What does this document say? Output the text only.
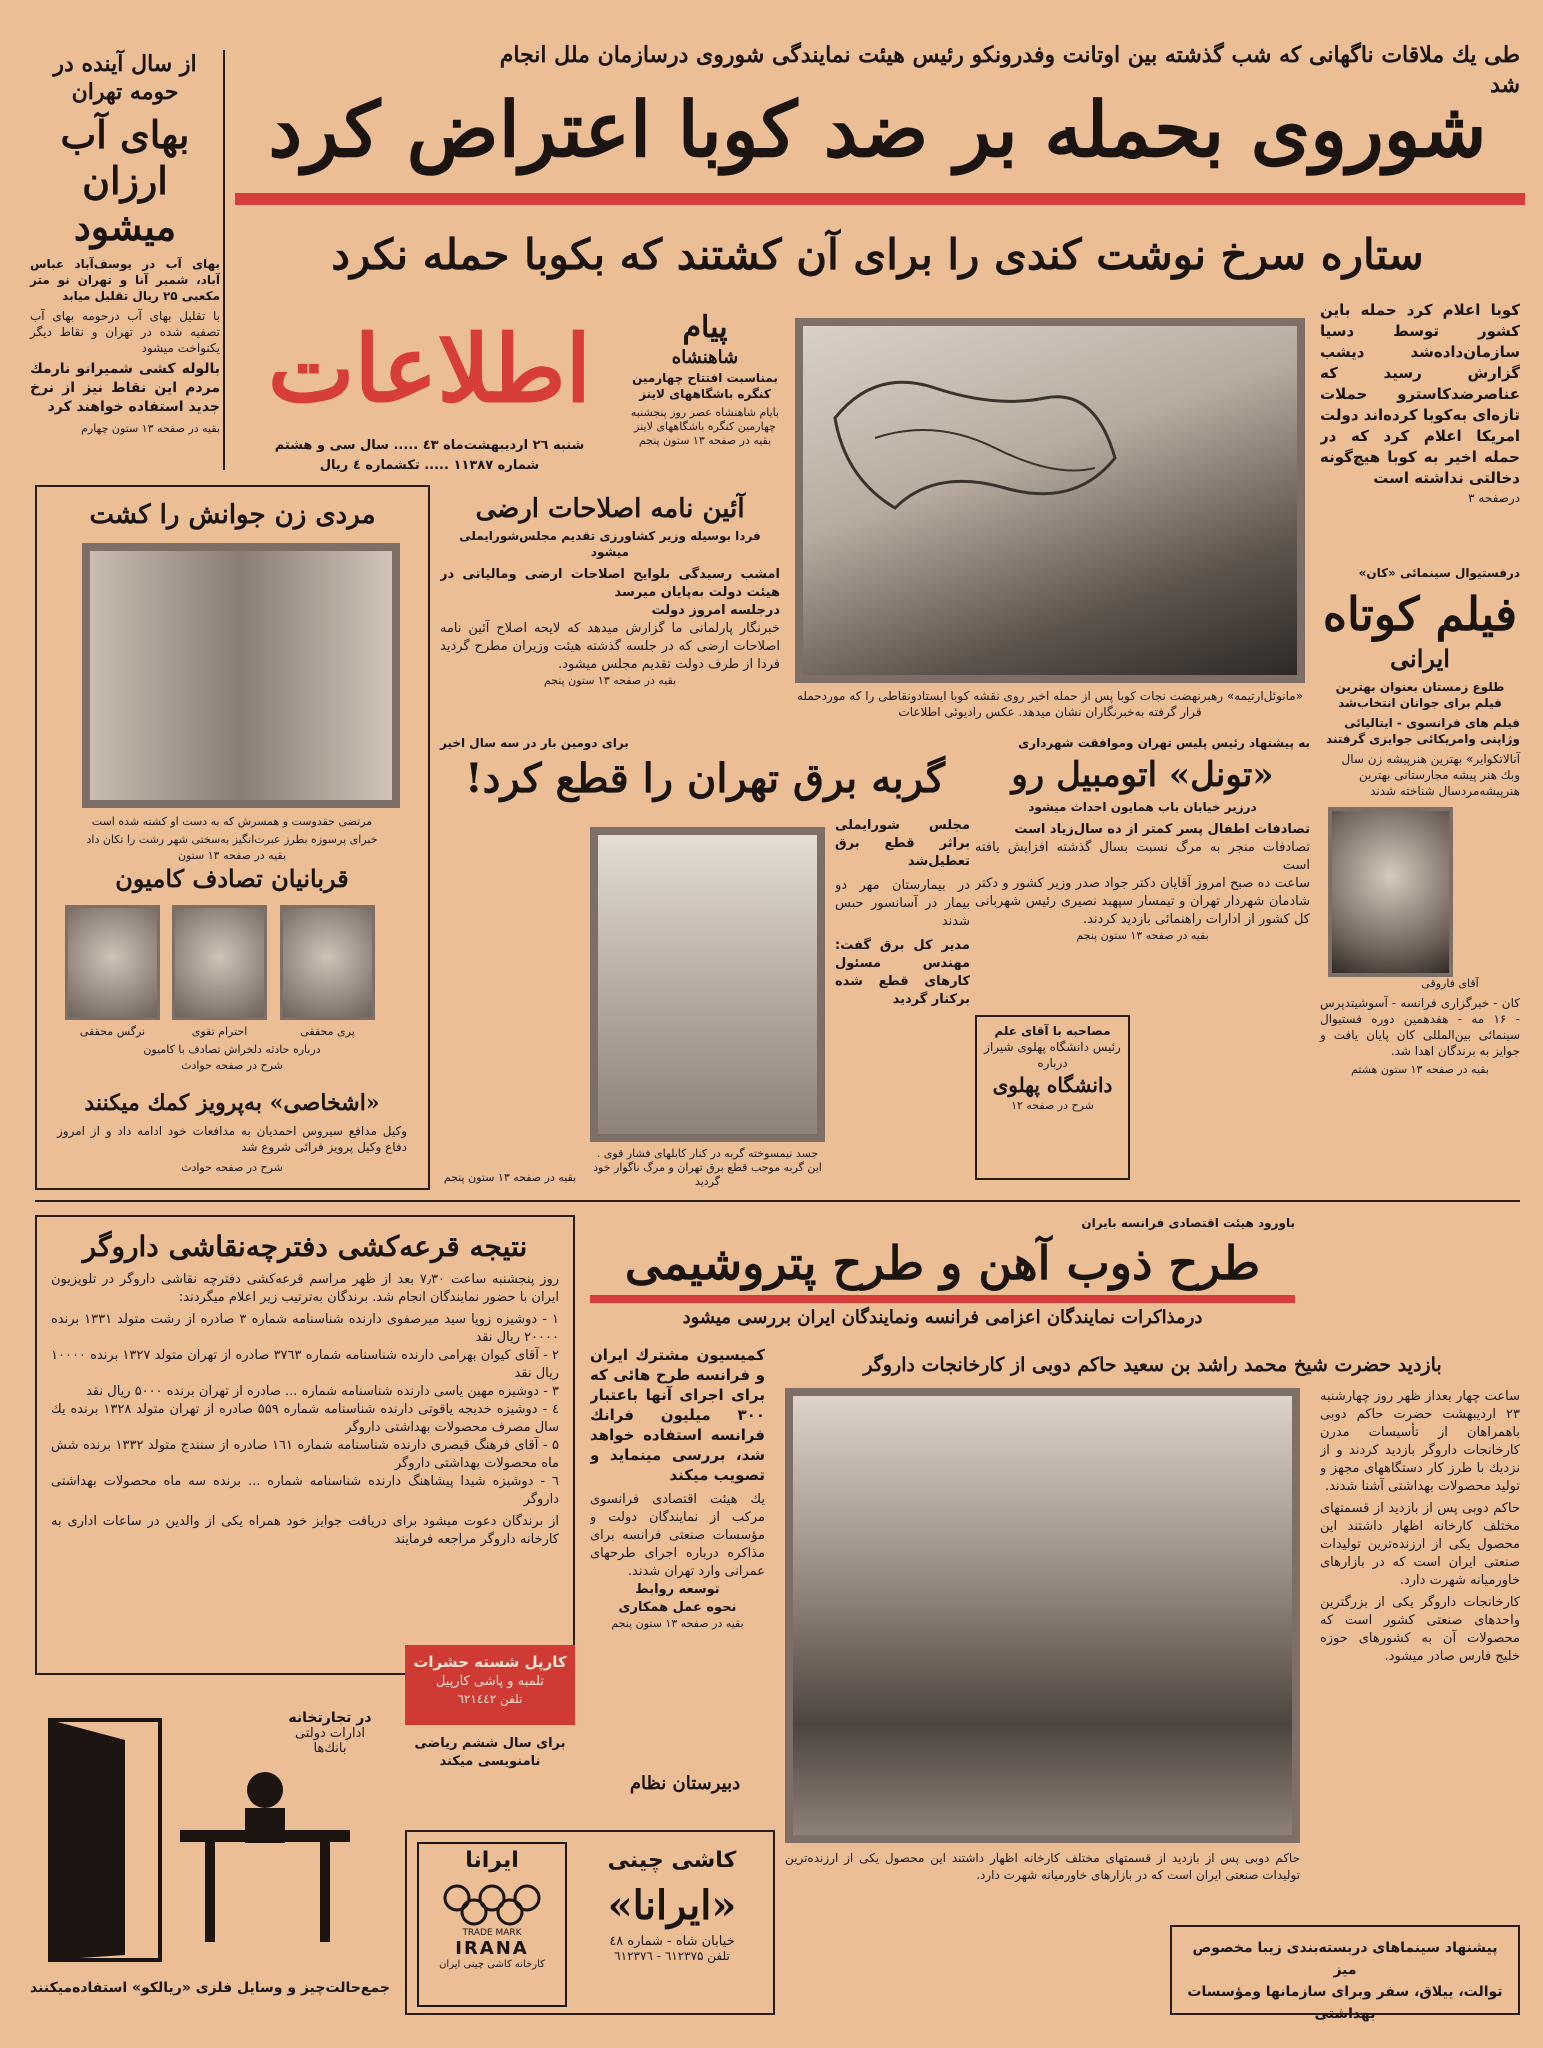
طی یك ملاقات ناگهانی كه شب گذشته بین اوتانت وفدرونكو رئیس هیئت نمایندگی شوروی درسازمان ملل انجام شد
شوروی بحمله بر ضد كوبا اعتراض كرد
ستاره سرخ نوشت كندی را برای آن كشتند كه بكوبا حمله نكرد
از سال آینده در حومه تهران
بهای آب ارزان میشود
بهای آب در یوسف‌آباد عباس آباد، شمیر آنا و تهران نو متر مكعبی ۲۵ ریال تقلیل میابد
با تقلیل بهای آب درحومه بهای آب تصفیه شده در تهران و نقاط دیگر یكنواخت میشود
بالوله كشی شمیرانو نارمك مردم این نقاط نیز از نرخ جدید استفاده خواهند كرد
بقیه در صفحه ۱۳ ستون چهارم
اطلاعات
شنبه ۲٦ اردیبهشت‌ماه ٤۳ ..... سال سی و هشتم
شماره ١١۳٨۷ ..... تكشماره ٤ ریال
پیام
شاهنشاه
بمناسبت افتتاح چهارمین كنگره باشگاههای لاینز
بایام شاهنشاه عصر روز پنجشنبه چهارمین كنگره باشگاههای لاینز
بقیه در صفحه ۱۳ ستون پنجم
«مانوئل‌ارتیمه» رهبرنهضت نجات كوبا پس از حمله اخیر روی نقشه كوبا ایستادونقاطی را كه موردحمله قرار گرفته به‌خبرنگاران نشان میدهد. عكس رادیوئی اطلاعات
كوبا اعلام كرد حمله باین كشور توسط دسیا سازمان‌داده‌شد دیشب گزارش رسید كه عناصرضدكاسترو حملات تازه‌ای به‌كوبا كرده‌اند دولت امریكا اعلام كرد كه در حمله اخیر به كوبا هیچ‌گونه دخالتی نداشته است
درصفحه ۳
درفستیوال سینمائی «كان»
فیلم كوتاه
ایرانی
طلوع زمستان بعنوان بهترین فیلم برای جوانان انتخاب‌شد
فیلم های فرانسوی - ایتالیائی وژاپنی وامریكائی جوایزی گرفتند
آنالاتكو‌ایر» بهترین هنرپیشه زن سال وبك هنر پیشه مجارستانی بهترین هنرپیشه‌مردسال شناخته شدند
آقای فاروقی
كان - خبرگزاری فرانسه - آسوشیتدپرس - ۱۶ مه - هفدهمین دوره فستیوال سینمائی بین‌المللی كان پایان یافت و جوایز به برندگان اهدا شد.
بقیه در صفحه ۱۳ ستون هشتم
مردی زن جوانش را كشت
مرتضی حقدوست و همسرش كه به دست او كشته شده است
خبرای پرسوزه بطرز عبرت‌انگیز به‌سختی شهر رشت را تكان داد
بقیه در صفحه ۱۳ ستون
قربانیان تصادف كامیون
پری محققی
احترام تقوی
نرگس محققی
درباره حادثه دلخراش تصادف با كامیون
شرح در صفحه حوادث
«اشخاصی» به‌پرویز كمك میكنند
وكیل مدافع سیروس احمدیان به مدافعات خود ادامه داد و از امروز دفاع وكیل پرویز فرائی شروع شد
شرح در صفحه حوادث
آئین نامه اصلاحات ارضی
فردا بوسیله وزیر كشاورزی تقدیم مجلس‌شورایملی میشود
امشب رسیدگی بلوایح اصلاحات ارضی ومالیاتی در هیئت دولت به‌پایان میرسد
درجلسه امروز دولت
خبرنگار پارلمانی ما گزارش میدهد كه لایحه اصلاح آئین نامه اصلاحات ارضی كه در جلسه گذشته هیئت وزیران مطرح گردید فردا از طرف دولت تقدیم مجلس میشود.
بقیه در صفحه ۱۳ ستون پنجم
برای دومین بار در سه سال اخیر
گربه برق تهران را قطع كرد!
مجلس شورایملی براثر قطع برق تعطیل‌شد
در بیمارستان مهر دو بیمار در آسانسور حبس شدند
مدیر كل برق گفت: مهندس مسئول كارهای قطع شده بركنار گردید
جسد نیمسوخته گربه در كنار كابلهای فشار قوی . این گربه موجب قطع برق تهران و مرگ ناگوار خود گردید
بقیه در صفحه ۱۳ ستون پنجم
به پیشنهاد رئیس پلیس تهران وموافقت شهرداری
«تونل» اتومبیل رو
درزیر خیابان باب همایون احداث میشود
تصادفات اطفال پسر كمتر از ده سال‌زیاد است
تصادفات منجر به مرگ نسبت بسال گذشته افزایش یافته است
ساعت ده صبح امروز آقایان دكتر جواد صدر وزیر كشور و دكتر شادمان شهردار تهران و تیمسار سپهبد نصیری رئیس شهربانی كل كشور از ادارات راهنمائی بازدید كردند.
بقیه در صفحه ۱۳ ستون پنجم
مصاحبه با آقای علم
رئیس دانشگاه پهلوی شیراز
درباره
دانشگاه پهلوی
شرح در صفحه ۱۲
نتیجه قرعه‌كشی دفترچه‌نقاشی داروگر
روز پنجشنبه ساعت ۷٫۳۰ بعد از ظهر مراسم قرعه‌كشی دفترچه نقاشی داروگر در تلویزیون ایران با حضور نمایندگان انجام شد. برندگان به‌ترتیب زیر اعلام میگردند:
۱ - دوشیزه زویا سید میرصفوی دارنده شناسنامه شماره ۳ صادره از رشت متولد ۱۳۳۱ برنده ۲۰۰۰۰ ریال نقد
۲ - آقای كیوان بهرامی دارنده شناسنامه شماره ۳۷٦۳ صادره از تهران متولد ۱۳۲۷ برنده ۱۰۰۰۰ ریال نقد
۳ - دوشیزه مهین یاسی دارنده شناسنامه شماره ... صادره از تهران برنده ۵۰۰۰ ریال نقد
٤ - دوشیزه خدیجه یاقوتی دارنده شناسنامه شماره ۵۵۹ صادره از تهران متولد ۱۳۲۸ برنده یك سال مصرف محصولات بهداشتی داروگر
۵ - آقای فرهنگ قیصری دارنده شناسنامه شماره ۱٦۱ صادره از سنندج متولد ۱۳۳۲ برنده شش ماه محصولات بهداشتی داروگر
٦ - دوشیزه شیدا پیشاهنگ دارنده شناسنامه شماره ... برنده سه ماه محصولات بهداشتی داروگر
از برندگان دعوت میشود برای دریافت جوایز خود همراه یكی از والدین در ساعات اداری به كارخانه داروگر مراجعه فرمایند
باورود هیئت اقتصادی فرانسه بایران
طرح ذوب آهن و طرح پتروشیمی
درمذاكرات نمایندگان اعزامی فرانسه ونمایندگان ایران بررسی میشود
كمیسیون مشترك ایران و فرانسه طرح هائی كه برای اجرای آنها باعتبار ۳۰۰ میلیون فرانك فرانسه استفاده خواهد شد، بررسی مینماید و تصویب میكند
یك هیئت اقتصادی فرانسوی مركب از نمایندگان دولت و مؤسسات صنعتی فرانسه برای مذاكره درباره اجرای طرحهای عمرانی وارد تهران شدند.
توسعه روابط
نحوه عمل همكاری
بقیه در صفحه ۱۳ ستون پنجم
بازدید حضرت شیخ محمد راشد بن سعید حاكم دوبی از كارخانجات داروگر
ساعت چهار بعداز ظهر روز چهارشنبه ۲۳ اردیبهشت حضرت حاكم دوبی باهمراهان از تأسیسات مدرن كارخانجات داروگر بازدید كردند و از نزدیك با طرز كار دستگاههای مجهز و تولید محصولات بهداشتی آشنا شدند.
حاكم دوبی پس از بازدید از قسمتهای مختلف كارخانه اظهار داشتند این محصول یكی از ارزنده‌ترین تولیدات صنعتی ایران است كه در بازارهای خاورمیانه شهرت دارد.
كارخانجات داروگر یكی از بزرگترین واحدهای صنعتی كشور است كه محصولات آن به كشورهای حوزه خلیج فارس صادر میشود.
حاكم دوبی پس از بازدید از قسمتهای مختلف كارخانه اظهار داشتند این محصول یكی از ارزنده‌ترین تولیدات صنعتی ایران است كه در بازارهای خاورمیانه شهرت دارد.
كارپل شسته حشرات
تلمبه و پاشی كارپیل
تلفن ٦۲۱٤٤۲
برای سال ششم ریاضی
نامنویسی میكند
دبیرستان نظام
در تجارتخانه
ادارات دولتی
بانك‌ها
جمع‌حالت‌چیز و وسایل فلزی «ریالكو» استفاده‌میكنند
ایرانا
TRADE MARK
IRANA
كارخانه كاشی چینی ایران
كاشی چینی
«ایرانا»
خیابان شاه - شماره ٤٨
تلفن ٦۱۲۳۷۵ - ٦۱۲۳۷٦	پیشنهاد سینما‌های دربسته‌بندی زیبا مخصوص میز
توالت، ییلاق، سفر وبرای سازمانها ومؤسسات بهداشتی
